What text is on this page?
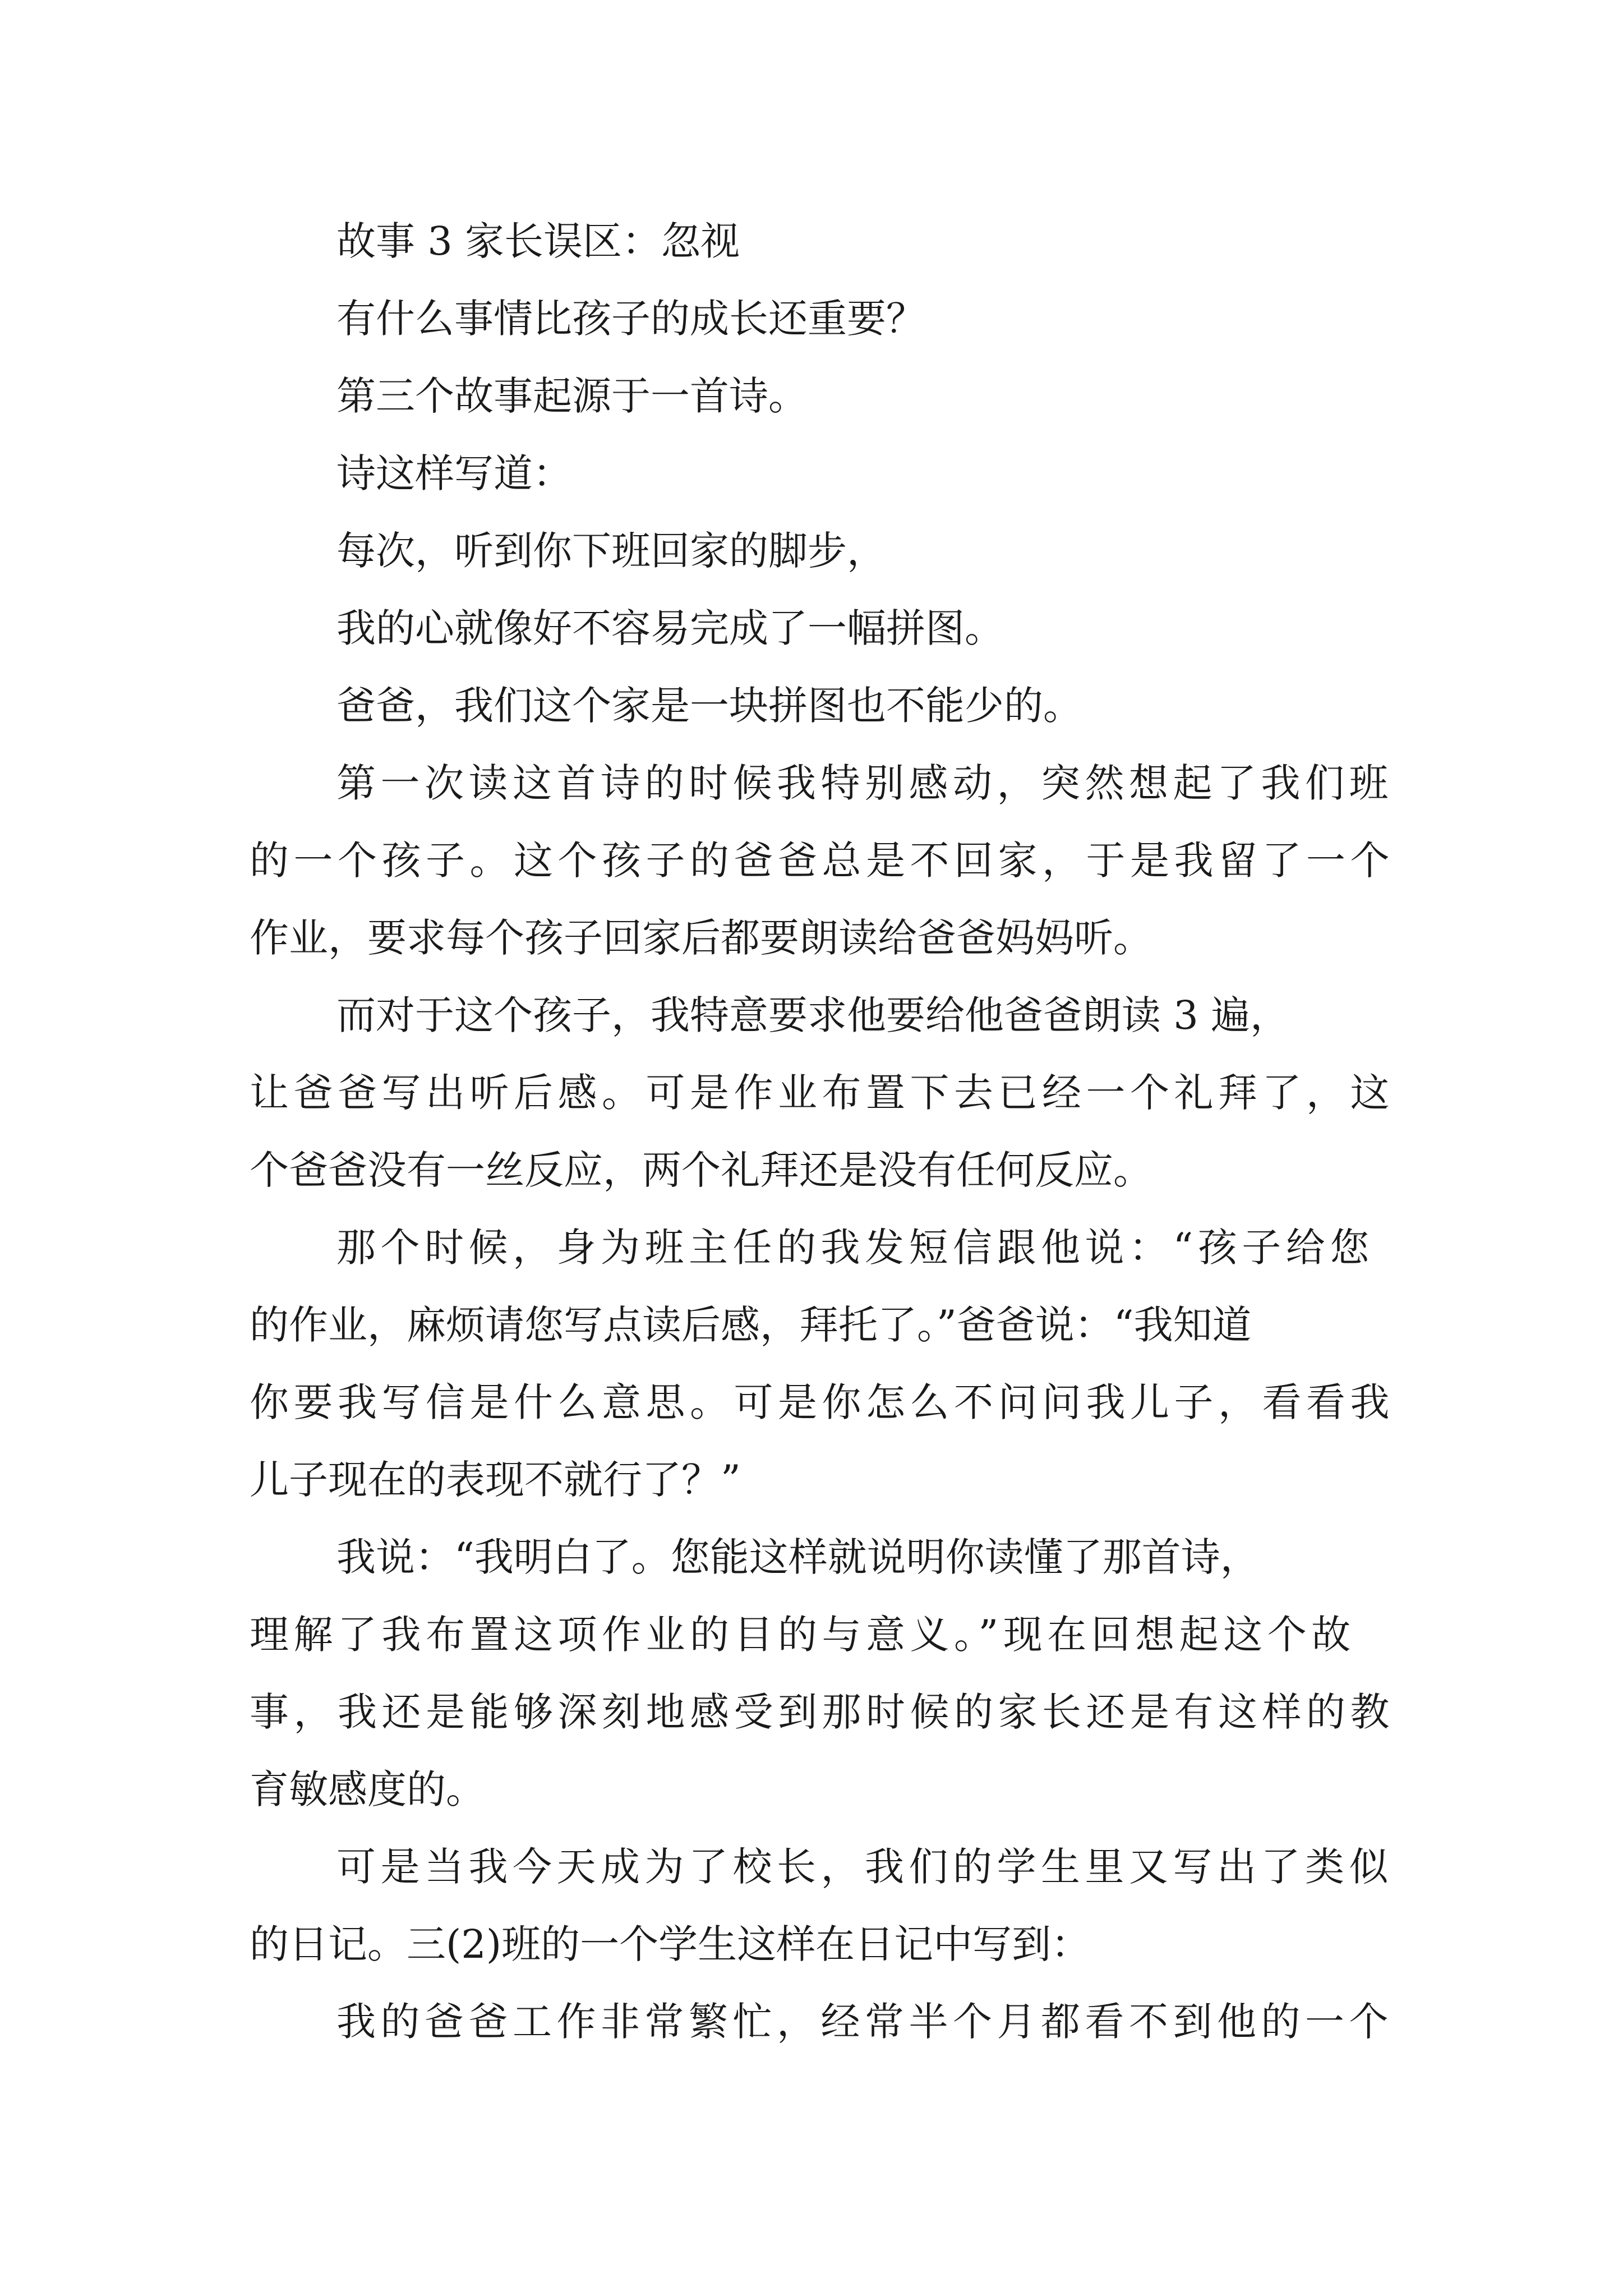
故事 3 家长误区：忽视

有什么事情比孩子的成长还重要？

第三个故事起源于一首诗。

诗这样写道：

每次，听到你下班回家的脚步，

我的心就像好不容易完成了一幅拼图。

爸爸，我们这个家是一块拼图也不能少的。

第一次读这首诗的时候我特别感动，突然想起了我们班

的一个孩子。这个孩子的爸爸总是不回家，于是我留了一个

作业，要求每个孩子回家后都要朗读给爸爸妈妈听。

而对于这个孩子，我特意要求他要给他爸爸朗读 3 遍，

让爸爸写出听后感。可是作业布置下去已经一个礼拜了，这

个爸爸没有一丝反应，两个礼拜还是没有任何反应。

那个时候，身为班主任的我发短信跟他说：“孩子给您

的作业，麻烦请您写点读后感，拜托了。”爸爸说：“我知道

你要我写信是什么意思。可是你怎么不问问我儿子，看看我

儿子现在的表现不就行了？”

我说：“我明白了。您能这样就说明你读懂了那首诗，

理解了我布置这项作业的目的与意义。”现在回想起这个故

事，我还是能够深刻地感受到那时候的家长还是有这样的教

育敏感度的。

可是当我今天成为了校长，我们的学生里又写出了类似

的日记。三(2)班的一个学生这样在日记中写到：

我的爸爸工作非常繁忙，经常半个月都看不到他的一个
